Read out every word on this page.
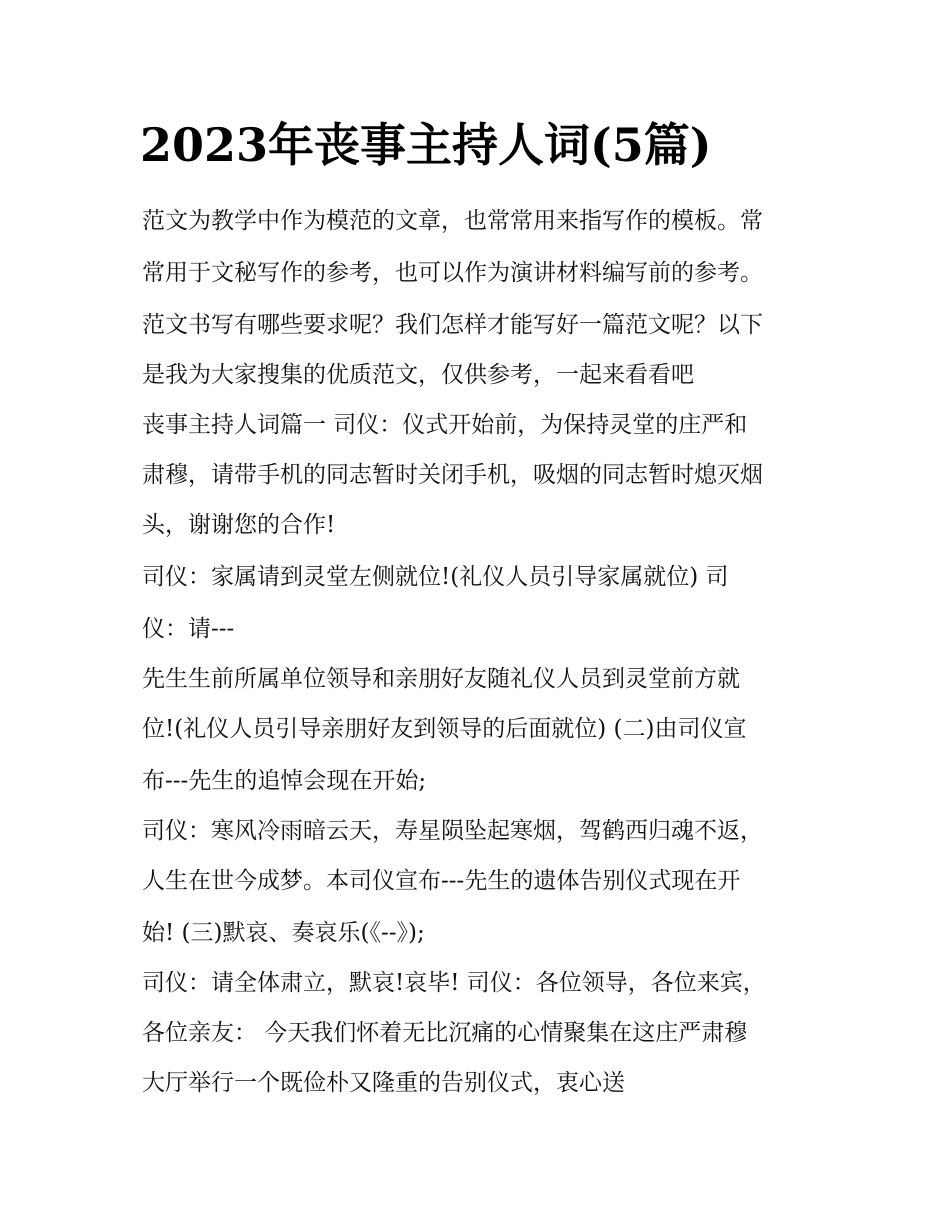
2023年丧事主持人词(5篇)

范文为教学中作为模范的文章，也常常用来指写作的模板。常

常用于文秘写作的参考，也可以作为演讲材料编写前的参考。

范文书写有哪些要求呢？我们怎样才能写好一篇范文呢？以下

是我为大家搜集的优质范文，仅供参考，一起来看看吧

丧事主持人词篇一 司仪：仪式开始前，为保持灵堂的庄严和

肃穆，请带手机的同志暂时关闭手机，吸烟的同志暂时熄灭烟

头，谢谢您的合作!

司仪：家属请到灵堂左侧就位!(礼仪人员引导家属就位) 司

仪：请---

先生生前所属单位领导和亲朋好友随礼仪人员到灵堂前方就

位!(礼仪人员引导亲朋好友到领导的后面就位) (二)由司仪宣

布---先生的追悼会现在开始;

司仪：寒风冷雨暗云天，寿星陨坠起寒烟，驾鹤西归魂不返，

人生在世今成梦。本司仪宣布---先生的遗体告别仪式现在开

始! (三)默哀、奏哀乐(《--》);

司仪：请全体肃立，默哀!哀毕! 司仪：各位领导，各位来宾，

各位亲友： 今天我们怀着无比沉痛的心情聚集在这庄严肃穆

大厅举行一个既俭朴又隆重的告别仪式，衷心送
